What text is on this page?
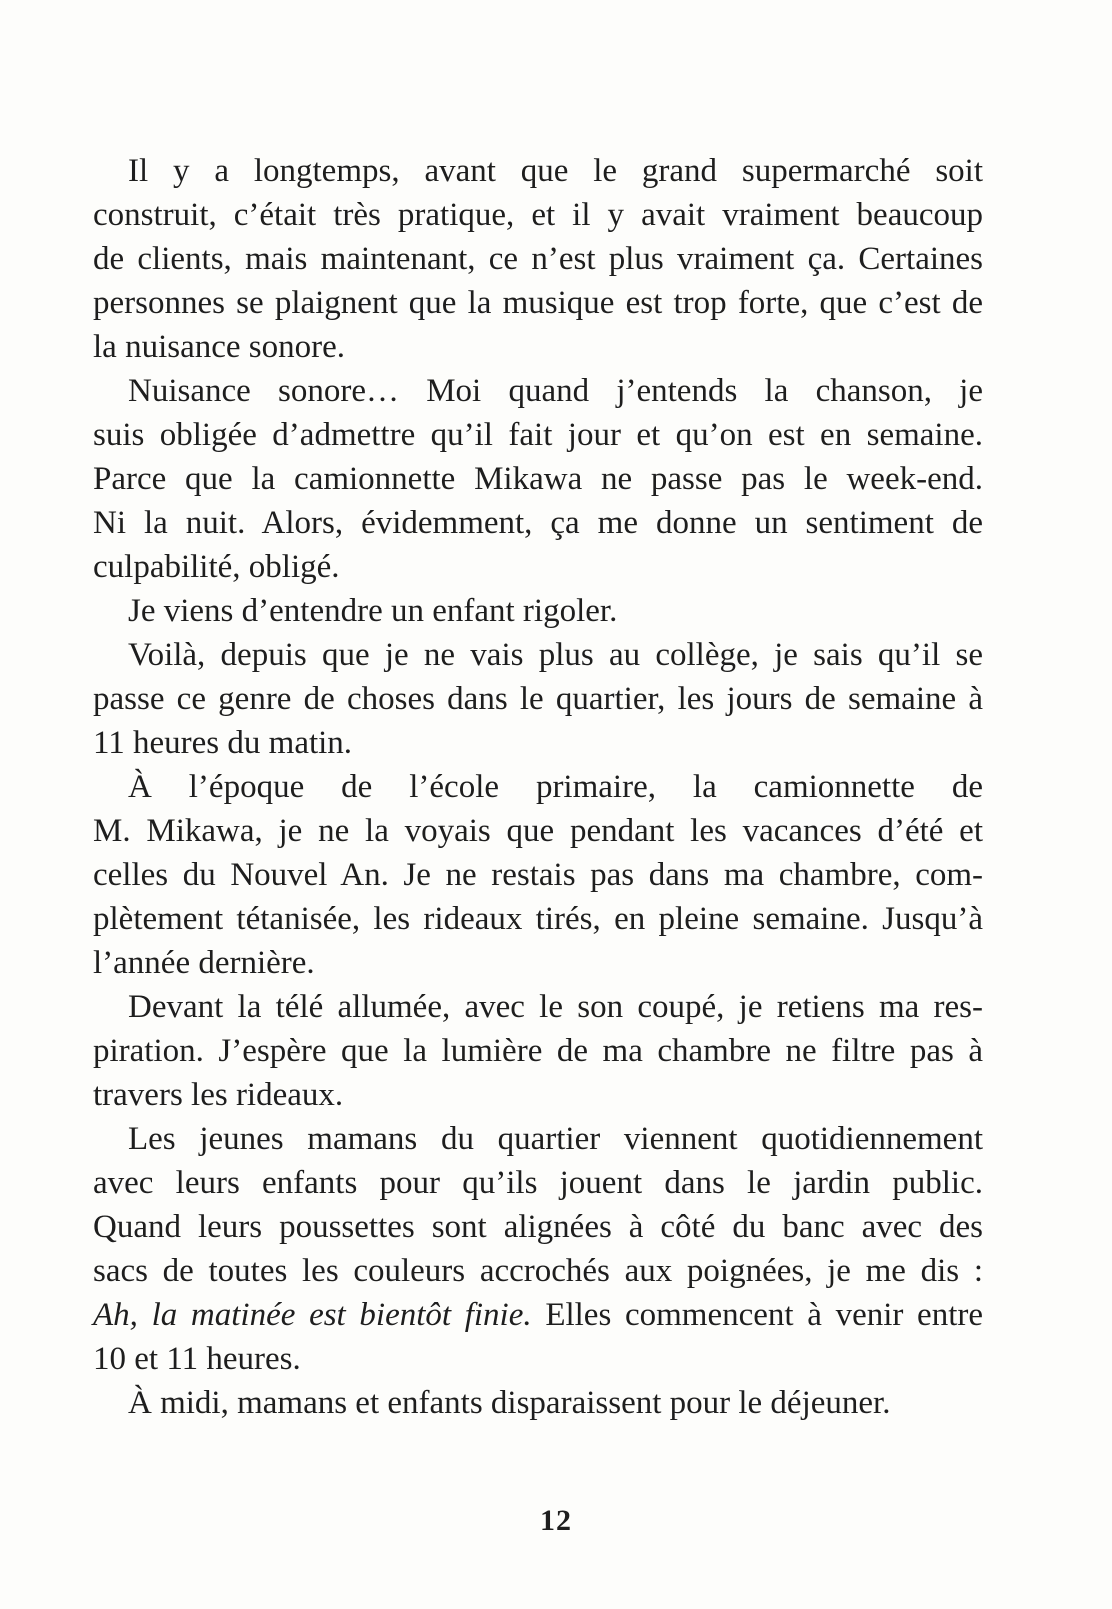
Il y a longtemps, avant que le grand supermarché soit
construit, c’était très pratique, et il y avait vraiment beaucoup
de clients, mais maintenant, ce n’est plus vraiment ça. Certaines
personnes se plaignent que la musique est trop forte, que c’est de
la nuisance sonore.
Nuisance sonore… Moi quand j’entends la chanson, je
suis obligée d’admettre qu’il fait jour et qu’on est en semaine.
Parce que la camionnette Mikawa ne passe pas le week-end.
Ni la nuit. Alors, évidemment, ça me donne un sentiment de
culpabilité, obligé.
Je viens d’entendre un enfant rigoler.
Voilà, depuis que je ne vais plus au collège, je sais qu’il se
passe ce genre de choses dans le quartier, les jours de semaine à
11 heures du matin.
À l’époque de l’école primaire, la camionnette de
M. Mikawa, je ne la voyais que pendant les vacances d’été et
celles du Nouvel An. Je ne restais pas dans ma chambre, com-
plètement tétanisée, les rideaux tirés, en pleine semaine. Jusqu’à
l’année dernière.
Devant la télé allumée, avec le son coupé, je retiens ma res-
piration. J’espère que la lumière de ma chambre ne filtre pas à
travers les rideaux.
Les jeunes mamans du quartier viennent quotidiennement
avec leurs enfants pour qu’ils jouent dans le jardin public.
Quand leurs poussettes sont alignées à côté du banc avec des
sacs de toutes les couleurs accrochés aux poignées, je me dis :
Ah, la matinée est bientôt finie. Elles commencent à venir entre
10 et 11 heures.
À midi, mamans et enfants disparaissent pour le déjeuner.
12
